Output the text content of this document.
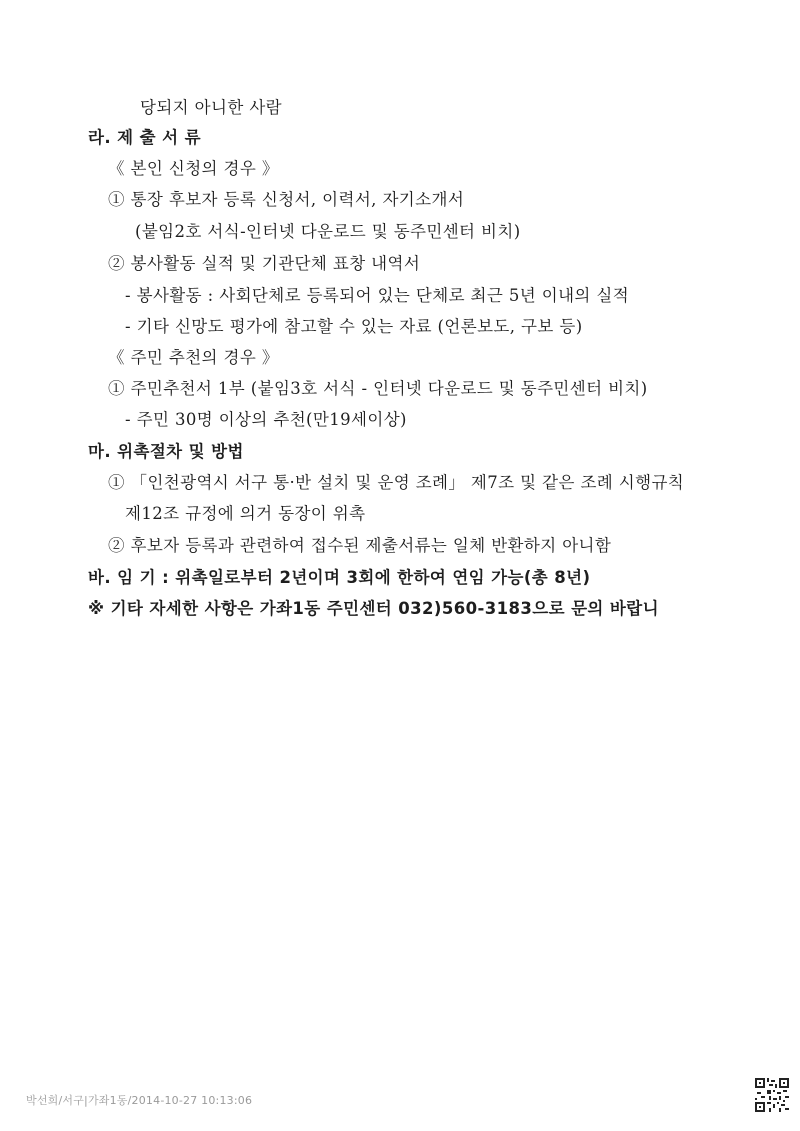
당되지 아니한 사람
라. 제 출 서 류
《 본인 신청의 경우 》
① 통장 후보자 등록 신청서, 이력서, 자기소개서
(붙임2호 서식-인터넷 다운로드 및 동주민센터 비치)
② 봉사활동 실적 및 기관단체 표창 내역서
- 봉사활동 : 사회단체로 등록되어 있는 단체로 최근 5년 이내의 실적
- 기타 신망도 평가에 참고할 수 있는 자료 (언론보도, 구보 등)
《 주민 추천의 경우 》
① 주민추천서 1부 (붙임3호 서식 - 인터넷 다운로드 및 동주민센터 비치)
- 주민 30명 이상의 추천(만19세이상)
마. 위촉절차 및 방법
① 「인천광역시 서구 통·반 설치 및 운영 조례」 제7조 및 같은 조례 시행규칙
제12조 규정에 의거 동장이 위촉
② 후보자 등록과 관련하여 접수된 제출서류는 일체 반환하지 아니함
바. 임 기 : 위촉일로부터 2년이며 3회에 한하여 연임 가능(총 8년)
※ 기타 자세한 사항은 가좌1동 주민센터 032)560-3183으로 문의 바랍니
박선희/서구|가좌1동/2014-10-27 10:13:06
